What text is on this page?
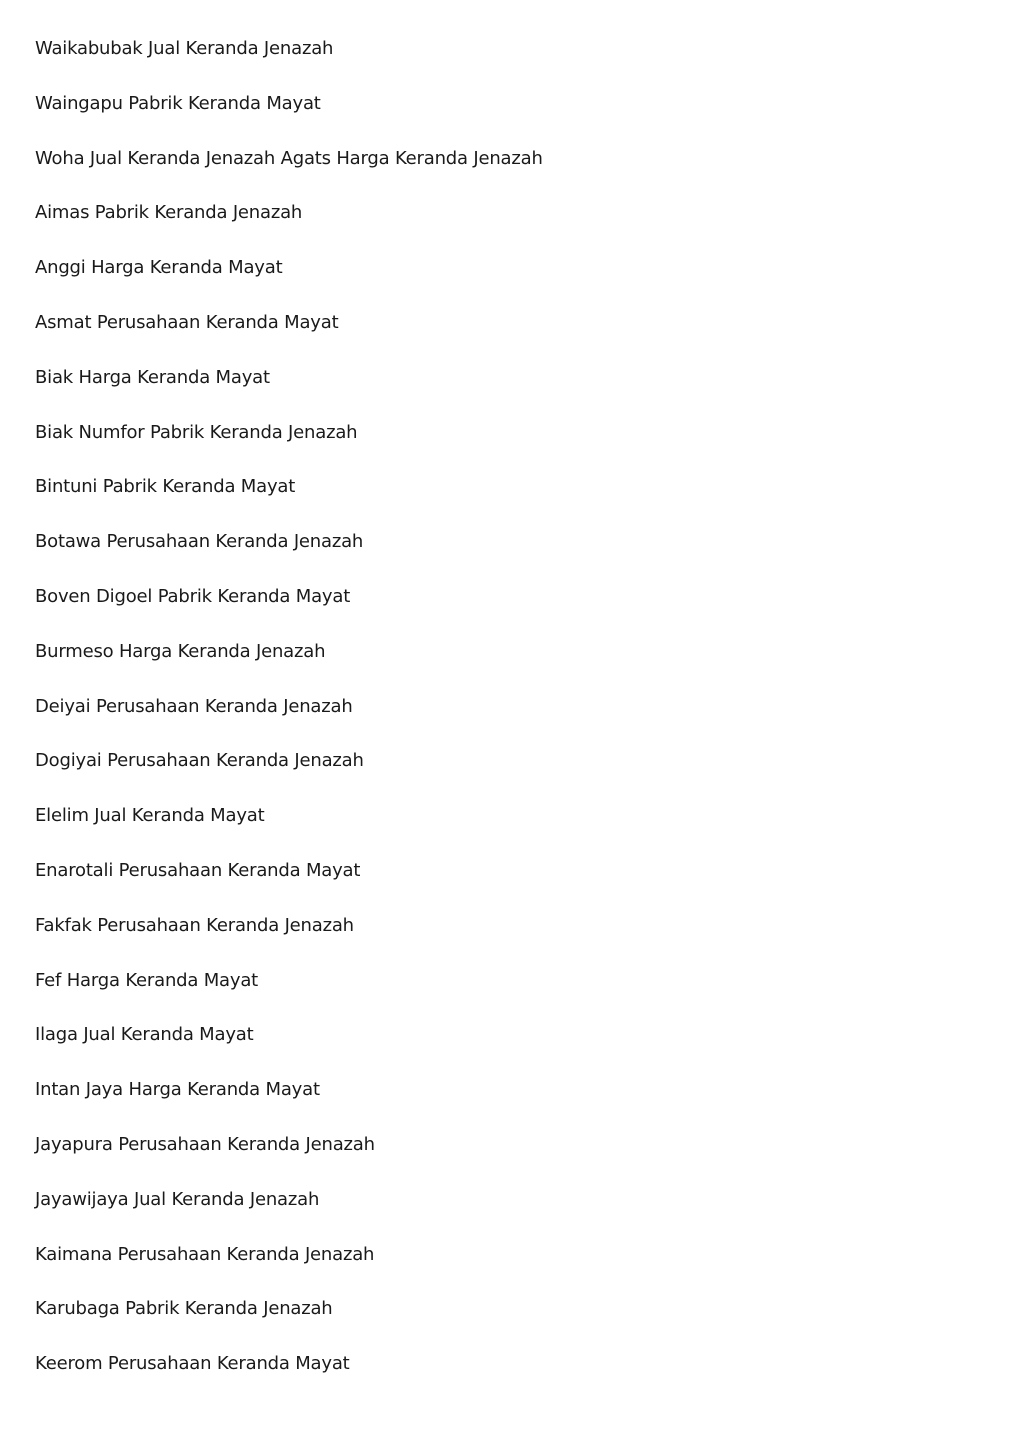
Waikabubak Jual Keranda Jenazah
Waingapu Pabrik Keranda Mayat
Woha Jual Keranda Jenazah Agats Harga Keranda Jenazah
Aimas Pabrik Keranda Jenazah
Anggi Harga Keranda Mayat
Asmat Perusahaan Keranda Mayat
Biak Harga Keranda Mayat
Biak Numfor Pabrik Keranda Jenazah
Bintuni Pabrik Keranda Mayat
Botawa Perusahaan Keranda Jenazah
Boven Digoel Pabrik Keranda Mayat
Burmeso Harga Keranda Jenazah
Deiyai Perusahaan Keranda Jenazah
Dogiyai Perusahaan Keranda Jenazah
Elelim Jual Keranda Mayat
Enarotali Perusahaan Keranda Mayat
Fakfak Perusahaan Keranda Jenazah
Fef Harga Keranda Mayat
Ilaga Jual Keranda Mayat
Intan Jaya Harga Keranda Mayat
Jayapura Perusahaan Keranda Jenazah
Jayawijaya Jual Keranda Jenazah
Kaimana Perusahaan Keranda Jenazah
Karubaga Pabrik Keranda Jenazah
Keerom Perusahaan Keranda Mayat
